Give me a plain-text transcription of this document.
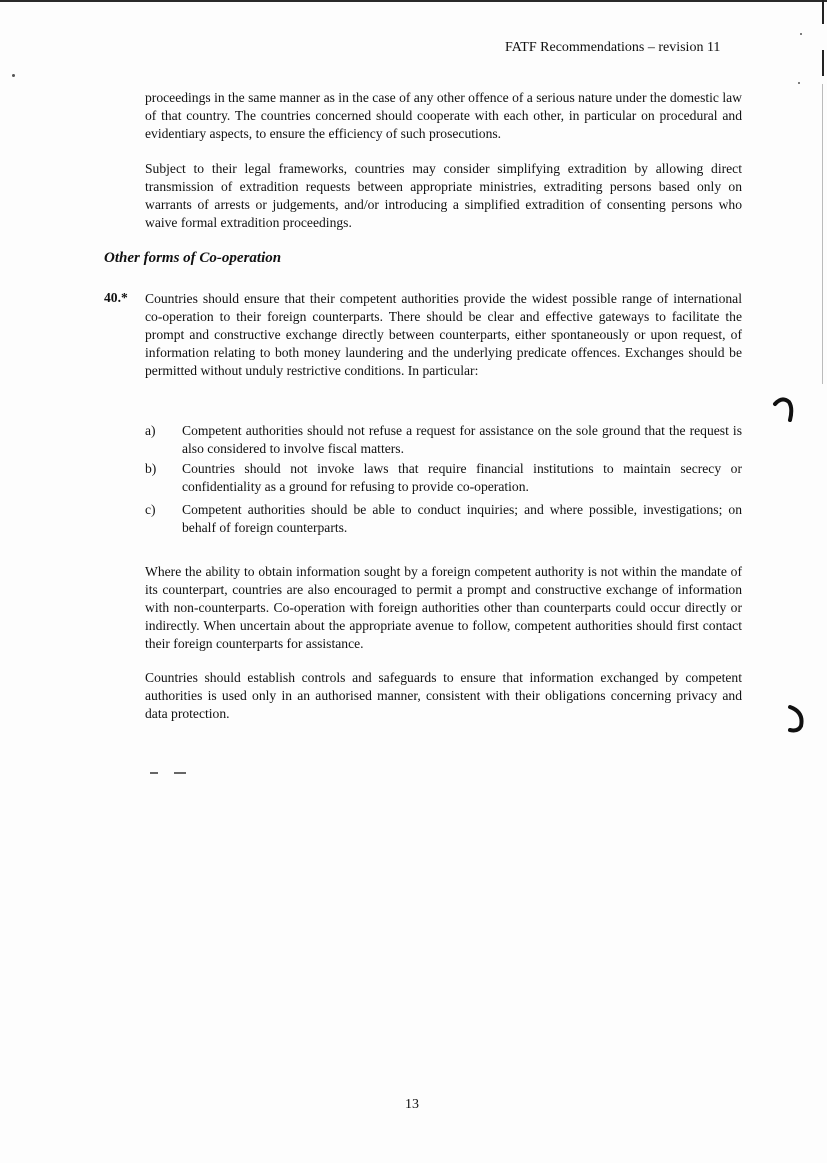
FATF Recommendations – revision 11

proceedings in the same manner as in the case of any other offence of a serious nature under the domestic law of that country. The countries concerned should cooperate with each other, in particular on procedural and evidentiary aspects, to ensure the efficiency of such prosecutions.

Subject to their legal frameworks, countries may consider simplifying extradition by allowing direct transmission of extradition requests between appropriate ministries, extraditing persons based only on warrants of arrests or judgements, and/or introducing a simplified extradition of consenting persons who waive formal extradition proceedings.

Other forms of Co-operation
40.* Countries should ensure that their competent authorities provide the widest possible range of international co-operation to their foreign counterparts. There should be clear and effective gateways to facilitate the prompt and constructive exchange directly between counterparts, either spontaneously or upon request, of information relating to both money laundering and the underlying predicate offences. Exchanges should be permitted without unduly restrictive conditions. In particular:

a) Competent authorities should not refuse a request for assistance on the sole ground that the request is also considered to involve fiscal matters.
b) Countries should not invoke laws that require financial institutions to maintain secrecy or confidentiality as a ground for refusing to provide co-operation.
c) Competent authorities should be able to conduct inquiries; and where possible, investigations; on behalf of foreign counterparts.

Where the ability to obtain information sought by a foreign competent authority is not within the mandate of its counterpart, countries are also encouraged to permit a prompt and constructive exchange of information with non-counterparts. Co-operation with foreign authorities other than counterparts could occur directly or indirectly. When uncertain about the appropriate avenue to follow, competent authorities should first contact their foreign counterparts for assistance.

Countries should establish controls and safeguards to ensure that information exchanged by competent authorities is used only in an authorised manner, consistent with their obligations concerning privacy and data protection.

13
